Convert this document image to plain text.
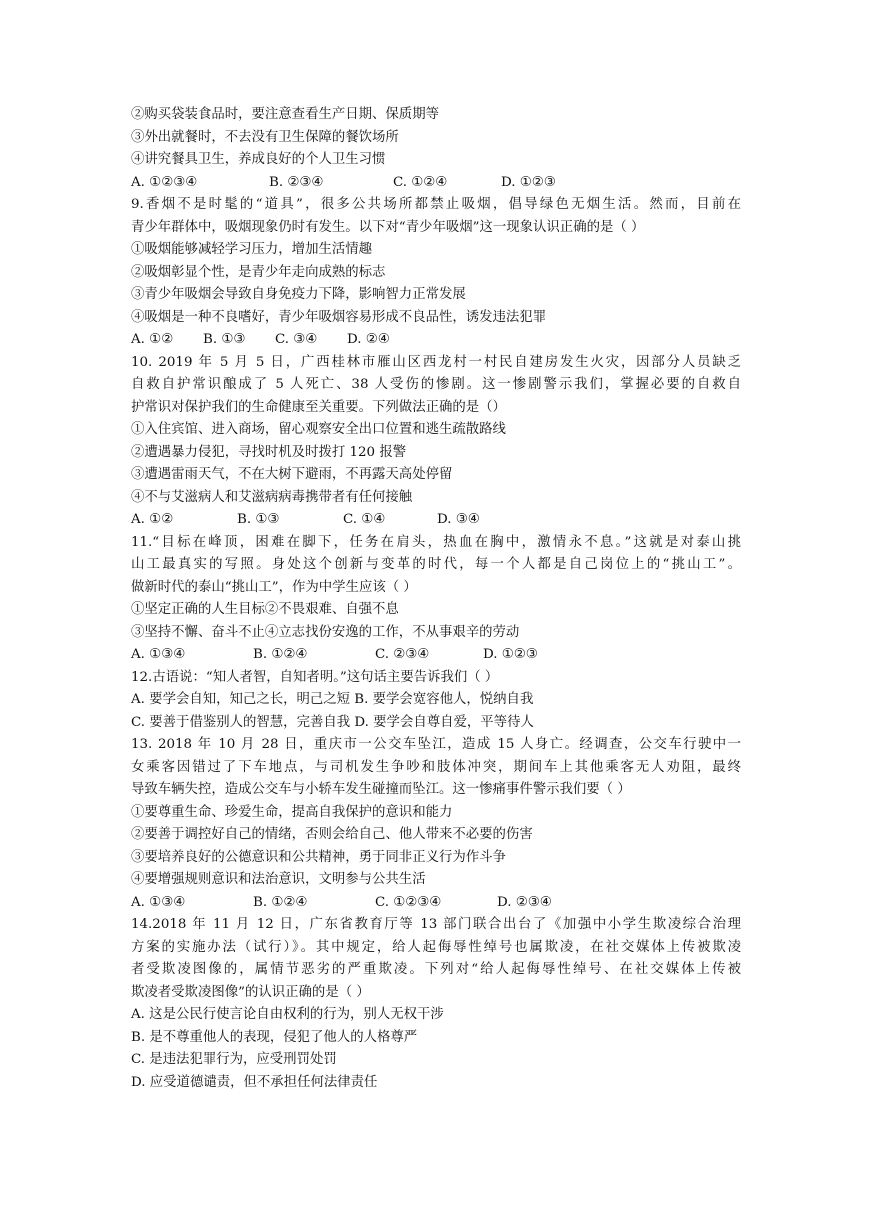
②购买袋装食品时，要注意查看生产日期、保质期等
③外出就餐时，不去没有卫生保障的餐饮场所
④讲究餐具卫生，养成良好的个人卫生习惯
A. ①②③④	B. ②③④	C. ①②④	D. ①②③
9.香烟不是时髦的“道具”，很多公共场所都禁止吸烟，倡导绿色无烟生活。然而，目前在
青少年群体中，吸烟现象仍时有发生。以下对“青少年吸烟”这一现象认识正确的是（ ）
①吸烟能够减轻学习压力，增加生活情趣
②吸烟彰显个性，是青少年走向成熟的标志
③青少年吸烟会导致自身免疫力下降，影响智力正常发展
④吸烟是一种不良嗜好，青少年吸烟容易形成不良品性，诱发违法犯罪
A. ①②	B. ①③	C. ③④	D. ②④
10. 2019 年 5 月 5 日，广西桂林市雁山区西龙村一村民自建房发生火灾，因部分人员缺乏
自救自护常识酿成了 5 人死亡、38 人受伤的惨剧。这一惨剧警示我们，掌握必要的自救自
护常识对保护我们的生命健康至关重要。下列做法正确的是（）
①入住宾馆、进入商场，留心观察安全出口位置和逃生疏散路线
②遭遇暴力侵犯，寻找时机及时拨打 120 报警
③遭遇雷雨天气，不在大树下避雨，不再露天高处停留
④不与艾滋病人和艾滋病病毒携带者有任何接触
A. ①②	B. ①③	C. ①④	D. ③④
11.“目标在峰顶，困难在脚下，任务在肩头，热血在胸中，激情永不息。”这就是对泰山挑
山工最真实的写照。身处这个创新与变革的时代，每一个人都是自己岗位上的“挑山工”。
做新时代的泰山“挑山工”，作为中学生应该（ ）
①坚定正确的人生目标②不畏艰难、自强不息
③坚持不懈、奋斗不止④立志找份安逸的工作，不从事艰辛的劳动
A. ①③④	B. ①②④	C. ②③④	D. ①②③
12.古语说：“知人者智，自知者明。”这句话主要告诉我们（ ）
A. 要学会自知，知己之长，明己之短 B. 要学会宽容他人，悦纳自我
C. 要善于借鉴别人的智慧，完善自我 D. 要学会自尊自爱，平等待人
13. 2018 年 10 月 28 日，重庆市一公交车坠江，造成 15 人身亡。经调查，公交车行驶中一
女乘客因错过了下车地点，与司机发生争吵和肢体冲突，期间车上其他乘客无人劝阻，最终
导致车辆失控，造成公交车与小轿车发生碰撞而坠江。这一惨痛事件警示我们要（ ）
①要尊重生命、珍爱生命，提高自我保护的意识和能力
②要善于调控好自己的情绪，否则会给自己、他人带来不必要的伤害
③要培养良好的公德意识和公共精神，勇于同非正义行为作斗争
④要增强规则意识和法治意识，文明参与公共生活
A. ①③④	B. ①②④	C. ①②③④	D. ②③④
14.2018 年 11 月 12 日，广东省教育厅等 13 部门联合出台了《加强中小学生欺凌综合治理
方案的实施办法（试行）》。其中规定，给人起侮辱性绰号也属欺凌，在社交媒体上传被欺凌
者受欺凌图像的，属情节恶劣的严重欺凌。下列对“给人起侮辱性绰号、在社交媒体上传被
欺凌者受欺凌图像”的认识正确的是（ ）
A. 这是公民行使言论自由权利的行为，别人无权干涉
B. 是不尊重他人的表现，侵犯了他人的人格尊严
C. 是违法犯罪行为，应受刑罚处罚
D. 应受道德谴责，但不承担任何法律责任
